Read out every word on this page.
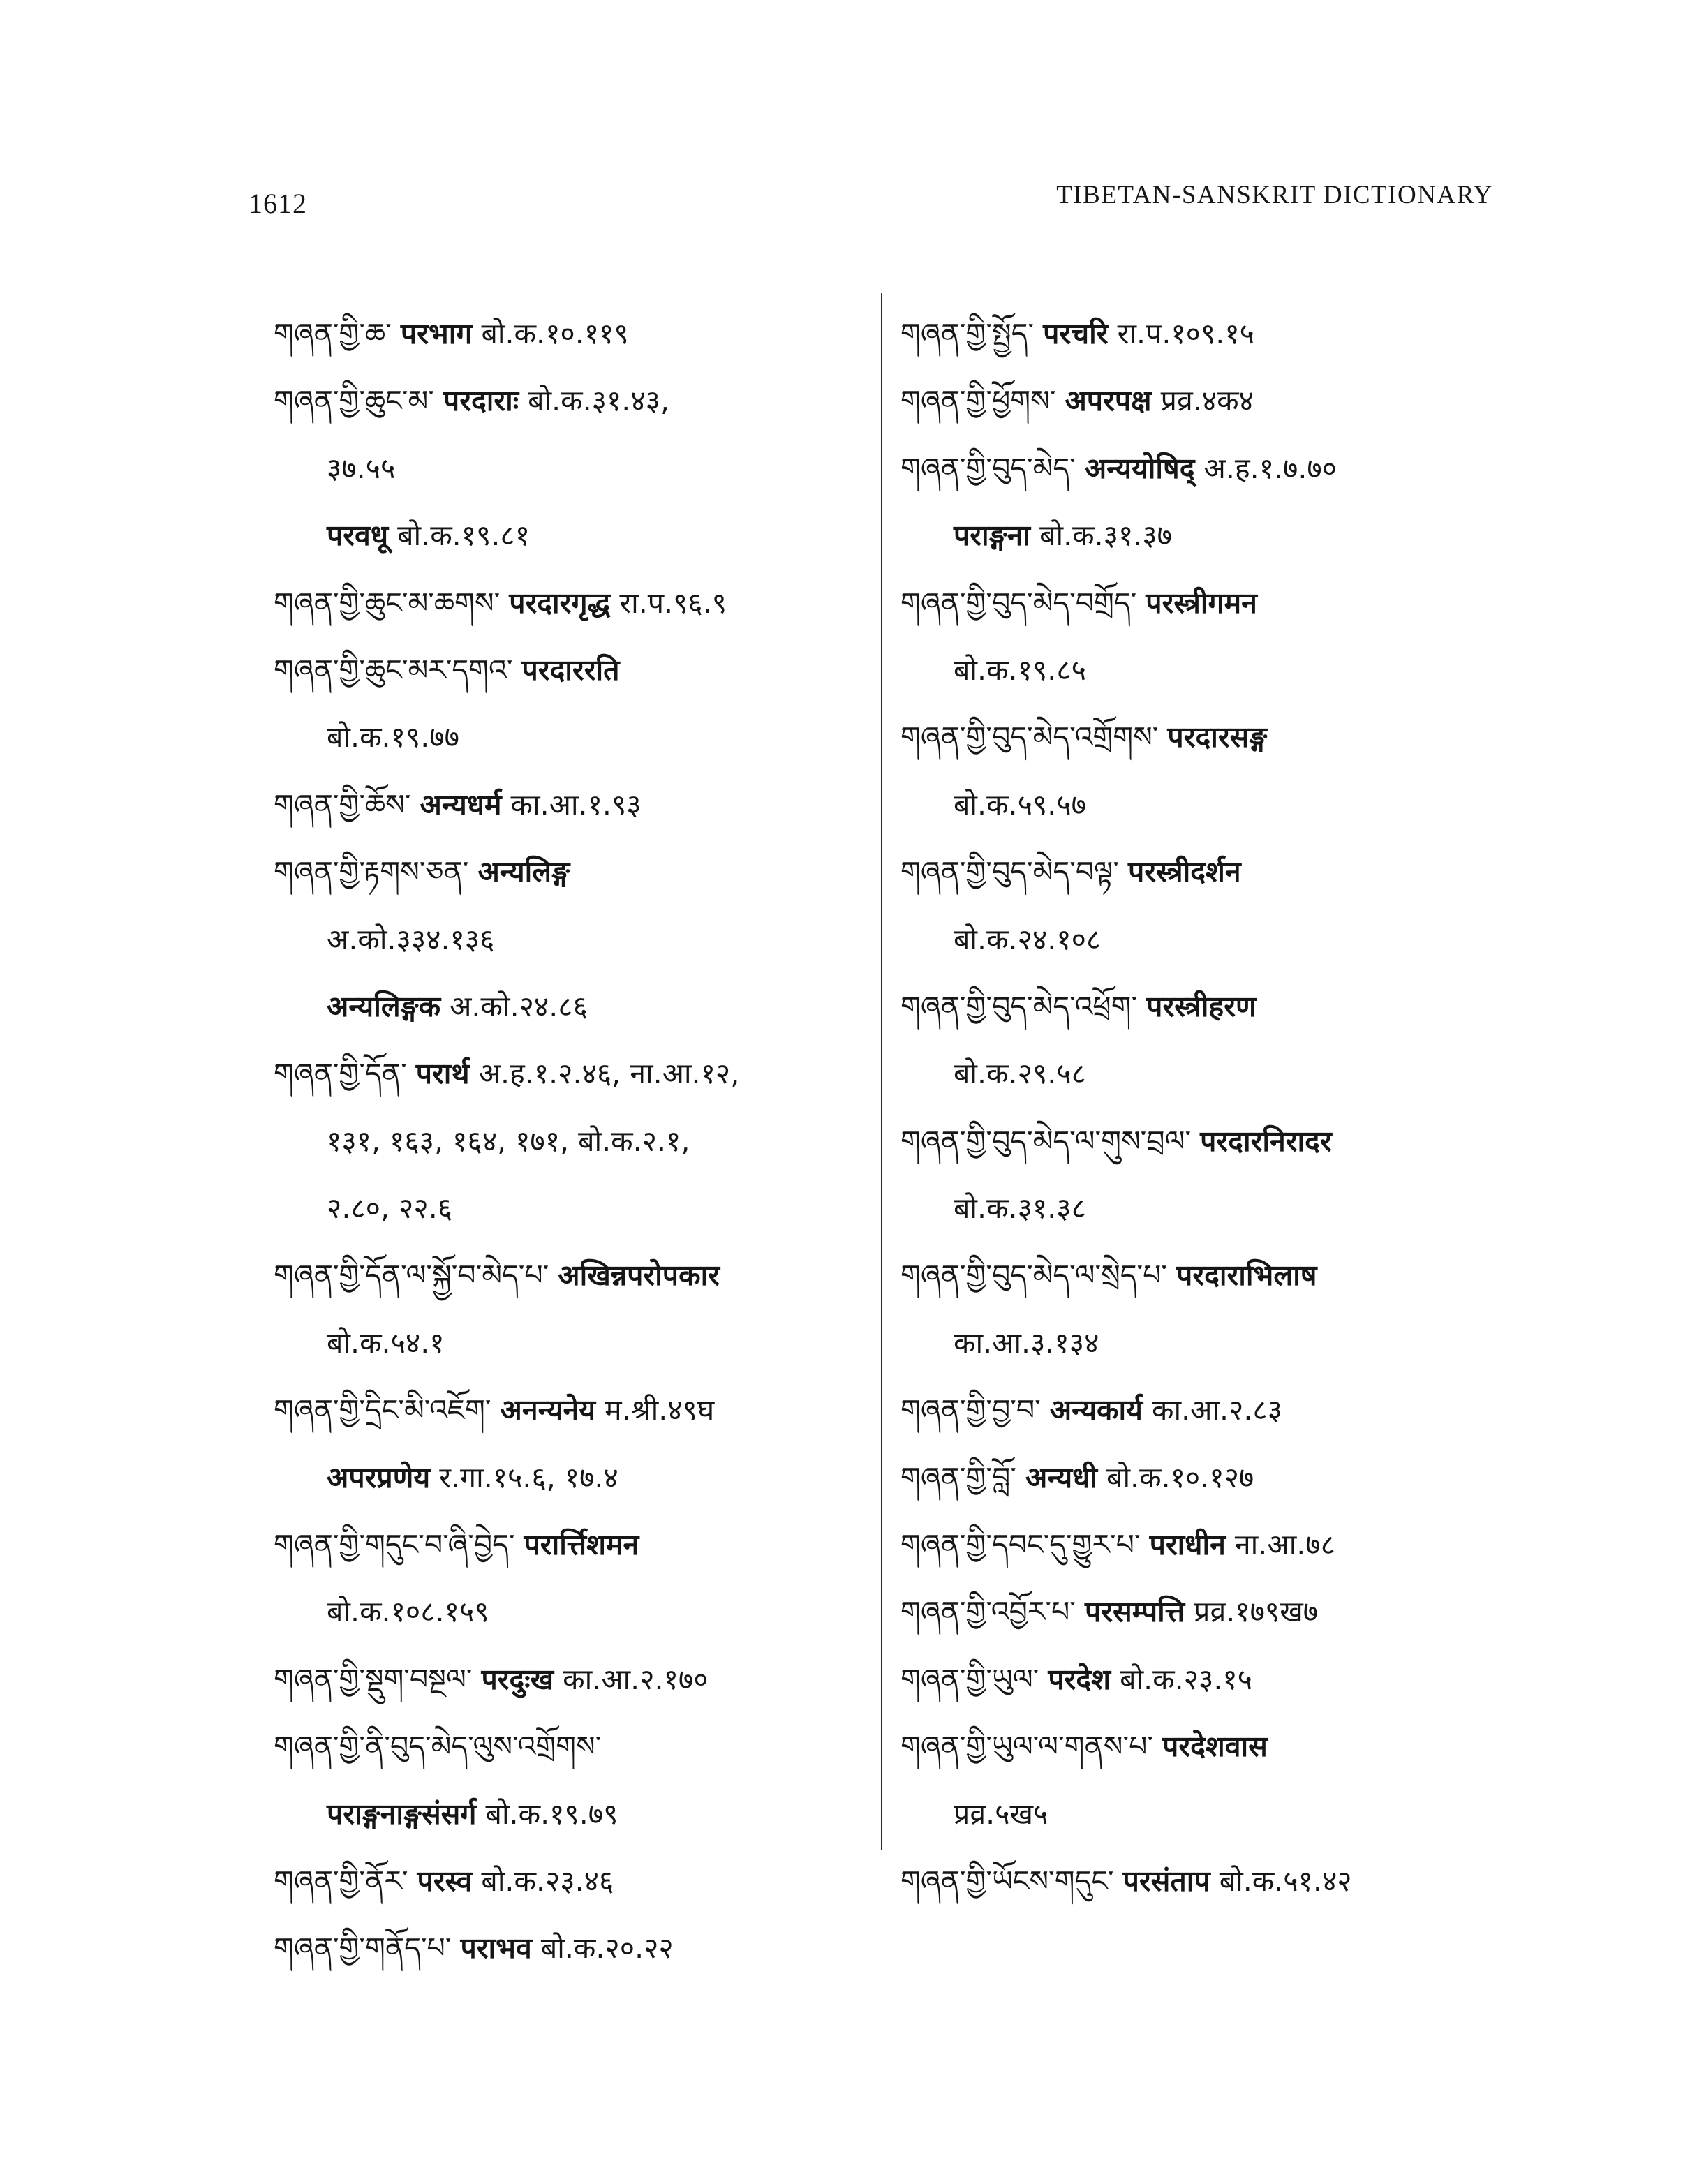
1612	TIBETAN-SANSKRIT DICTIONARY
གཞན་གྱི་ཆ་ परभाग बो.क.१०.११९
གཞན་གྱི་ཆུང་མ་ परदाराः बो.क.३१.४३,
३७.५५
परवधू बो.क.१९.८१
གཞན་གྱི་ཆུང་མ་ཆགས་ परदारगृद्ध रा.प.९६.९
གཞན་གྱི་ཆུང་མར་དགའ་ परदाररति
बो.क.१९.७७
གཞན་གྱི་ཆོས་ अन्यधर्म का.आ.१.९३
གཞན་གྱི་རྟགས་ཅན་ अन्यलिङ्ग
अ.को.३३४.१३६
अन्यलिङ्गक अ.को.२४.८६
གཞན་གྱི་དོན་ परार्थ अ.ह.१.२.४६, ना.आ.१२,
१३१, १६३, १६४, १७१, बो.क.२.१,
२.८०, २२.६
གཞན་གྱི་དོན་ལ་སྐྱོ་བ་མེད་པ་ अखिन्नपरोपकार
बो.क.५४.१
གཞན་གྱི་དྲིང་མི་འཇོག་ अनन्यनेय म.श्री.४९घ
अपरप्रणेय र.गा.१५.६, १७.४
གཞན་གྱི་གདུང་བ་ཞི་བྱེད་ परार्त्तिशमन
बो.क.१०८.१५९
གཞན་གྱི་སྡུག་བསྔལ་ परदुःख का.आ.२.१७०
གཞན་གྱི་ནི་བུད་མེད་ལུས་འགྲོགས་
पराङ्गनाङ्गसंसर्ग बो.क.१९.७९
གཞན་གྱི་ནོར་ परस्व बो.क.२३.४६
གཞན་གྱི་གནོད་པ་ पराभव बो.क.२०.२२
གཞན་གྱི་སྤྱོད་ परचरि रा.प.१०९.१५
གཞན་གྱི་ཕྱོགས་ अपरपक्ष प्रव्र.४क४
གཞན་གྱི་བུད་མེད་ अन्ययोषिद् अ.ह.१.७.७०
पराङ्गना बो.क.३१.३७
གཞན་གྱི་བུད་མེད་བགྲོད་ परस्त्रीगमन
बो.क.१९.८५
གཞན་གྱི་བུད་མེད་འགྲོགས་ परदारसङ्ग
बो.क.५९.५७
གཞན་གྱི་བུད་མེད་བལྟ་ परस्त्रीदर्शन
बो.क.२४.१०८
གཞན་གྱི་བུད་མེད་འཕྲོག་ परस्त्रीहरण
बो.क.२९.५८
གཞན་གྱི་བུད་མེད་ལ་གུས་བྲལ་ परदारनिरादर
बो.क.३१.३८
གཞན་གྱི་བུད་མེད་ལ་སྲེད་པ་ परदाराभिलाष
का.आ.३.१३४
གཞན་གྱི་བྱ་བ་ अन्यकार्य का.आ.२.८३
གཞན་གྱི་བློ་ अन्यधी बो.क.१०.१२७
གཞན་གྱི་དབང་དུ་གྱུར་པ་ पराधीन ना.आ.७८
གཞན་གྱི་འབྱོར་པ་ परसम्पत्ति प्रव्र.१७९ख७
གཞན་གྱི་ཡུལ་ परदेश बो.क.२३.१५
གཞན་གྱི་ཡུལ་ལ་གནས་པ་ परदेशवास
प्रव्र.५ख५
གཞན་གྱི་ཡོངས་གདུང་ परसंताप बो.क.५१.४२
